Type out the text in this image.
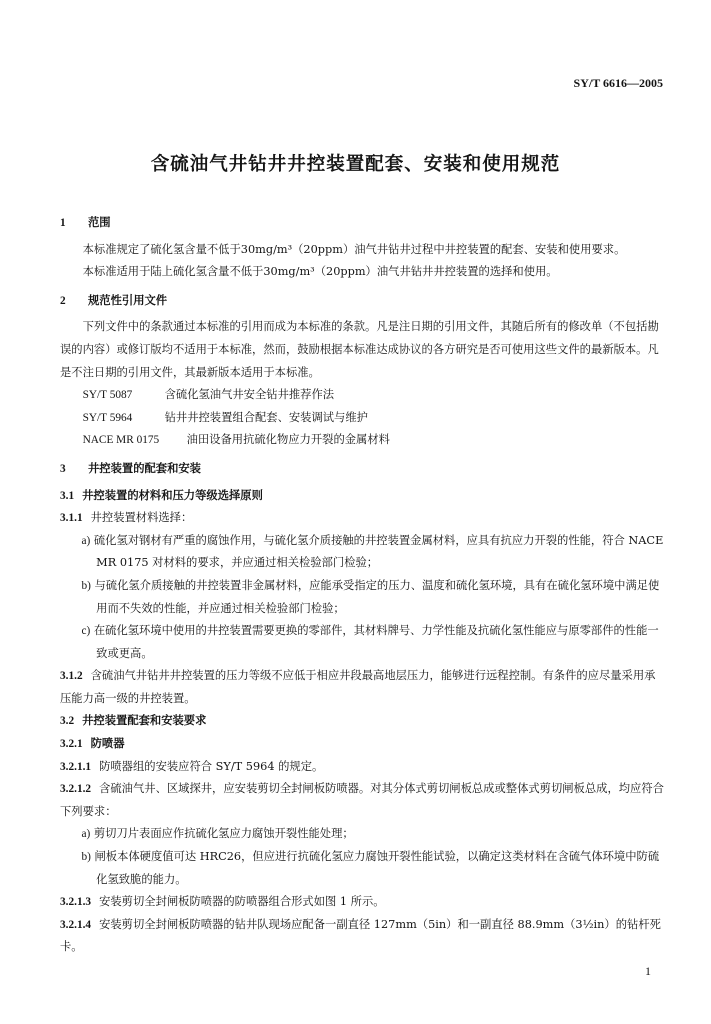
SY/T 6616—2005
含硫油气井钻井井控装置配套、安装和使用规范
1 范围

本标准规定了硫化氢含量不低于30mg/m³（20ppm）油气井钻井过程中井控装置的配套、安装和使用要求。

本标准适用于陆上硫化氢含量不低于30mg/m³（20ppm）油气井钻井井控装置的选择和使用。

2 规范性引用文件

下列文件中的条款通过本标准的引用而成为本标准的条款。凡是注日期的引用文件，其随后所有的修改单（不包括勘误的内容）或修订版均不适用于本标准，然而，鼓励根据本标准达成协议的各方研究是否可使用这些文件的最新版本。凡是不注日期的引用文件，其最新版本适用于本标准。

SY/T 5087	含硫化氢油气井安全钻井推荐作法

SY/T 5964	钻井井控装置组合配套、安装调试与维护

NACE MR 0175 油田设备用抗硫化物应力开裂的金属材料

3 井控装置的配套和安装

3.1 井控装置的材料和压力等级选择原则

3.1.1 井控装置材料选择：

a) 硫化氢对钢材有严重的腐蚀作用，与硫化氢介质接触的井控装置金属材料，应具有抗应力开裂的性能，符合 NACE MR 0175 对材料的要求，并应通过相关检验部门检验；

b) 与硫化氢介质接触的井控装置非金属材料，应能承受指定的压力、温度和硫化氢环境，具有在硫化氢环境中满足使用而不失效的性能，并应通过相关检验部门检验；

c) 在硫化氢环境中使用的井控装置需要更换的零部件，其材料牌号、力学性能及抗硫化氢性能应与原零部件的性能一致或更高。

3.1.2 含硫油气井钻井井控装置的压力等级不应低于相应井段最高地层压力，能够进行远程控制。有条件的应尽量采用承压能力高一级的井控装置。

3.2 井控装置配套和安装要求

3.2.1 防喷器

3.2.1.1 防喷器组的安装应符合 SY/T 5964 的规定。

3.2.1.2 含硫油气井、区域探井，应安装剪切全封闸板防喷器。对其分体式剪切闸板总成或整体式剪切闸板总成，均应符合下列要求：

a) 剪切刀片表面应作抗硫化氢应力腐蚀开裂性能处理；

b) 闸板本体硬度值可达 HRC26，但应进行抗硫化氢应力腐蚀开裂性能试验，以确定这类材料在含硫气体环境中防硫化氢致脆的能力。

3.2.1.3 安装剪切全封闸板防喷器的防喷器组合形式如图 1 所示。

3.2.1.4 安装剪切全封闸板防喷器的钻井队现场应配备一副直径 127mm（5in）和一副直径 88.9mm（3½in）的钻杆死卡。

1
